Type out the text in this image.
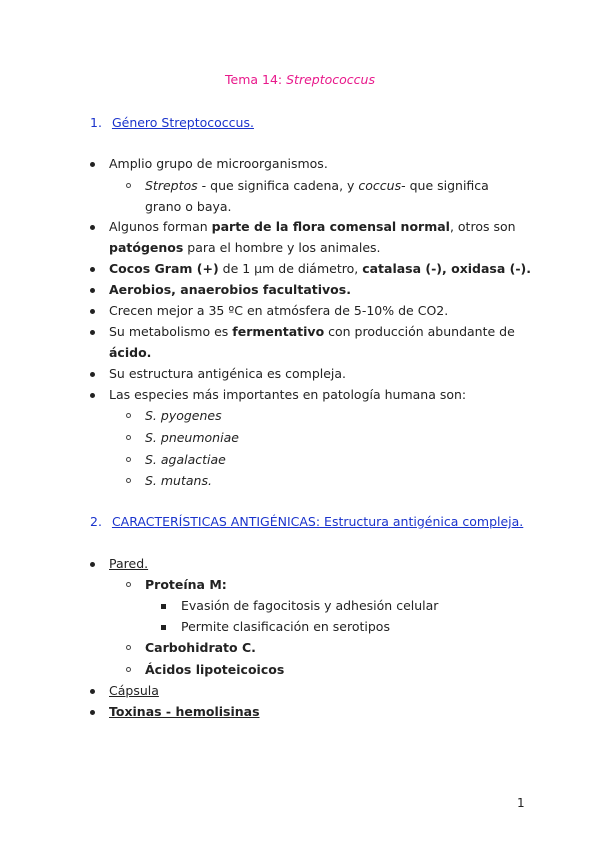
Tema 14: Streptococcus

1. Género Streptococcus.

Amplio grupo de microorganismos.

Streptos - que significa cadena, y coccus- que significa

grano o baya.

Algunos forman parte de la flora comensal normal, otros son

patógenos para el hombre y los animales.

Cocos Gram (+) de 1 μm de diámetro, catalasa (-), oxidasa (-).

Aerobios, anaerobios facultativos.

Crecen mejor a 35 ºC en atmósfera de 5-10% de CO2.

Su metabolismo es fermentativo con producción abundante de

ácido.

Su estructura antigénica es compleja.

Las especies más importantes en patología humana son:

S. pyogenes

S. pneumoniae

S. agalactiae

S. mutans.

2. CARACTERÍSTICAS ANTIGÉNICAS: Estructura antigénica compleja.

Pared.

Proteína M:

Evasión de fagocitosis y adhesión celular

Permite clasificación en serotipos

Carbohidrato C.

Ácidos lipoteicoicos

Cápsula

Toxinas - hemolisinas

1
